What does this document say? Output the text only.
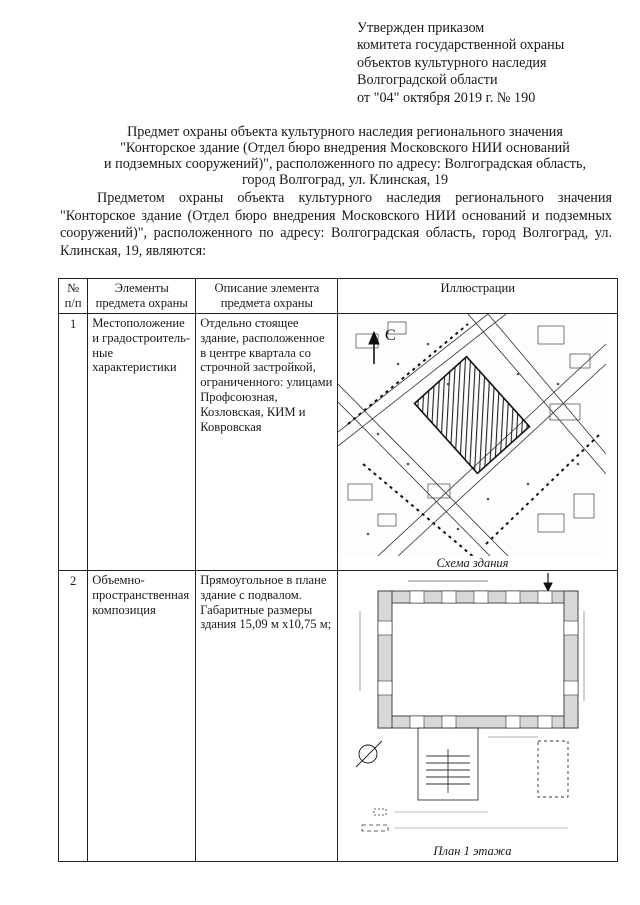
Утвержден приказом
комитета государственной охраны
объектов культурного наследия
Волгоградской области
от "04" октября 2019 г. № 190
Предмет охраны объекта культурного наследия регионального значения
"Конторское здание (Отдел бюро внедрения Московского НИИ оснований
и подземных сооружений)", расположенного по адресу: Волгоградская область,
город Волгоград, ул. Клинская, 19
Предметом охраны объекта культурного наследия регионального значения "Конторское здание (Отдел бюро внедрения Московского НИИ оснований и подземных сооружений)", расположенного по адресу: Волгоградская область, город Волгоград, ул. Клинская, 19, являются:
№ п/п	Элементы предмета охраны	Описание элемента предмета охраны	Иллюстрации
1	Местоположение и градостроитель-ные характеристики	Отдельно стоящее здание, расположенное в центре квартала со строчной застройкой, ограниченного: улицами Профсоюзная, Козловская, КИМ и Ковровская	С
Схема здания

2	Объемно-пространственная композиция	Прямоугольное в плане здание с подвалом. Габаритные размеры здания 15,09 м х10,75 м;	План 1 этажа
